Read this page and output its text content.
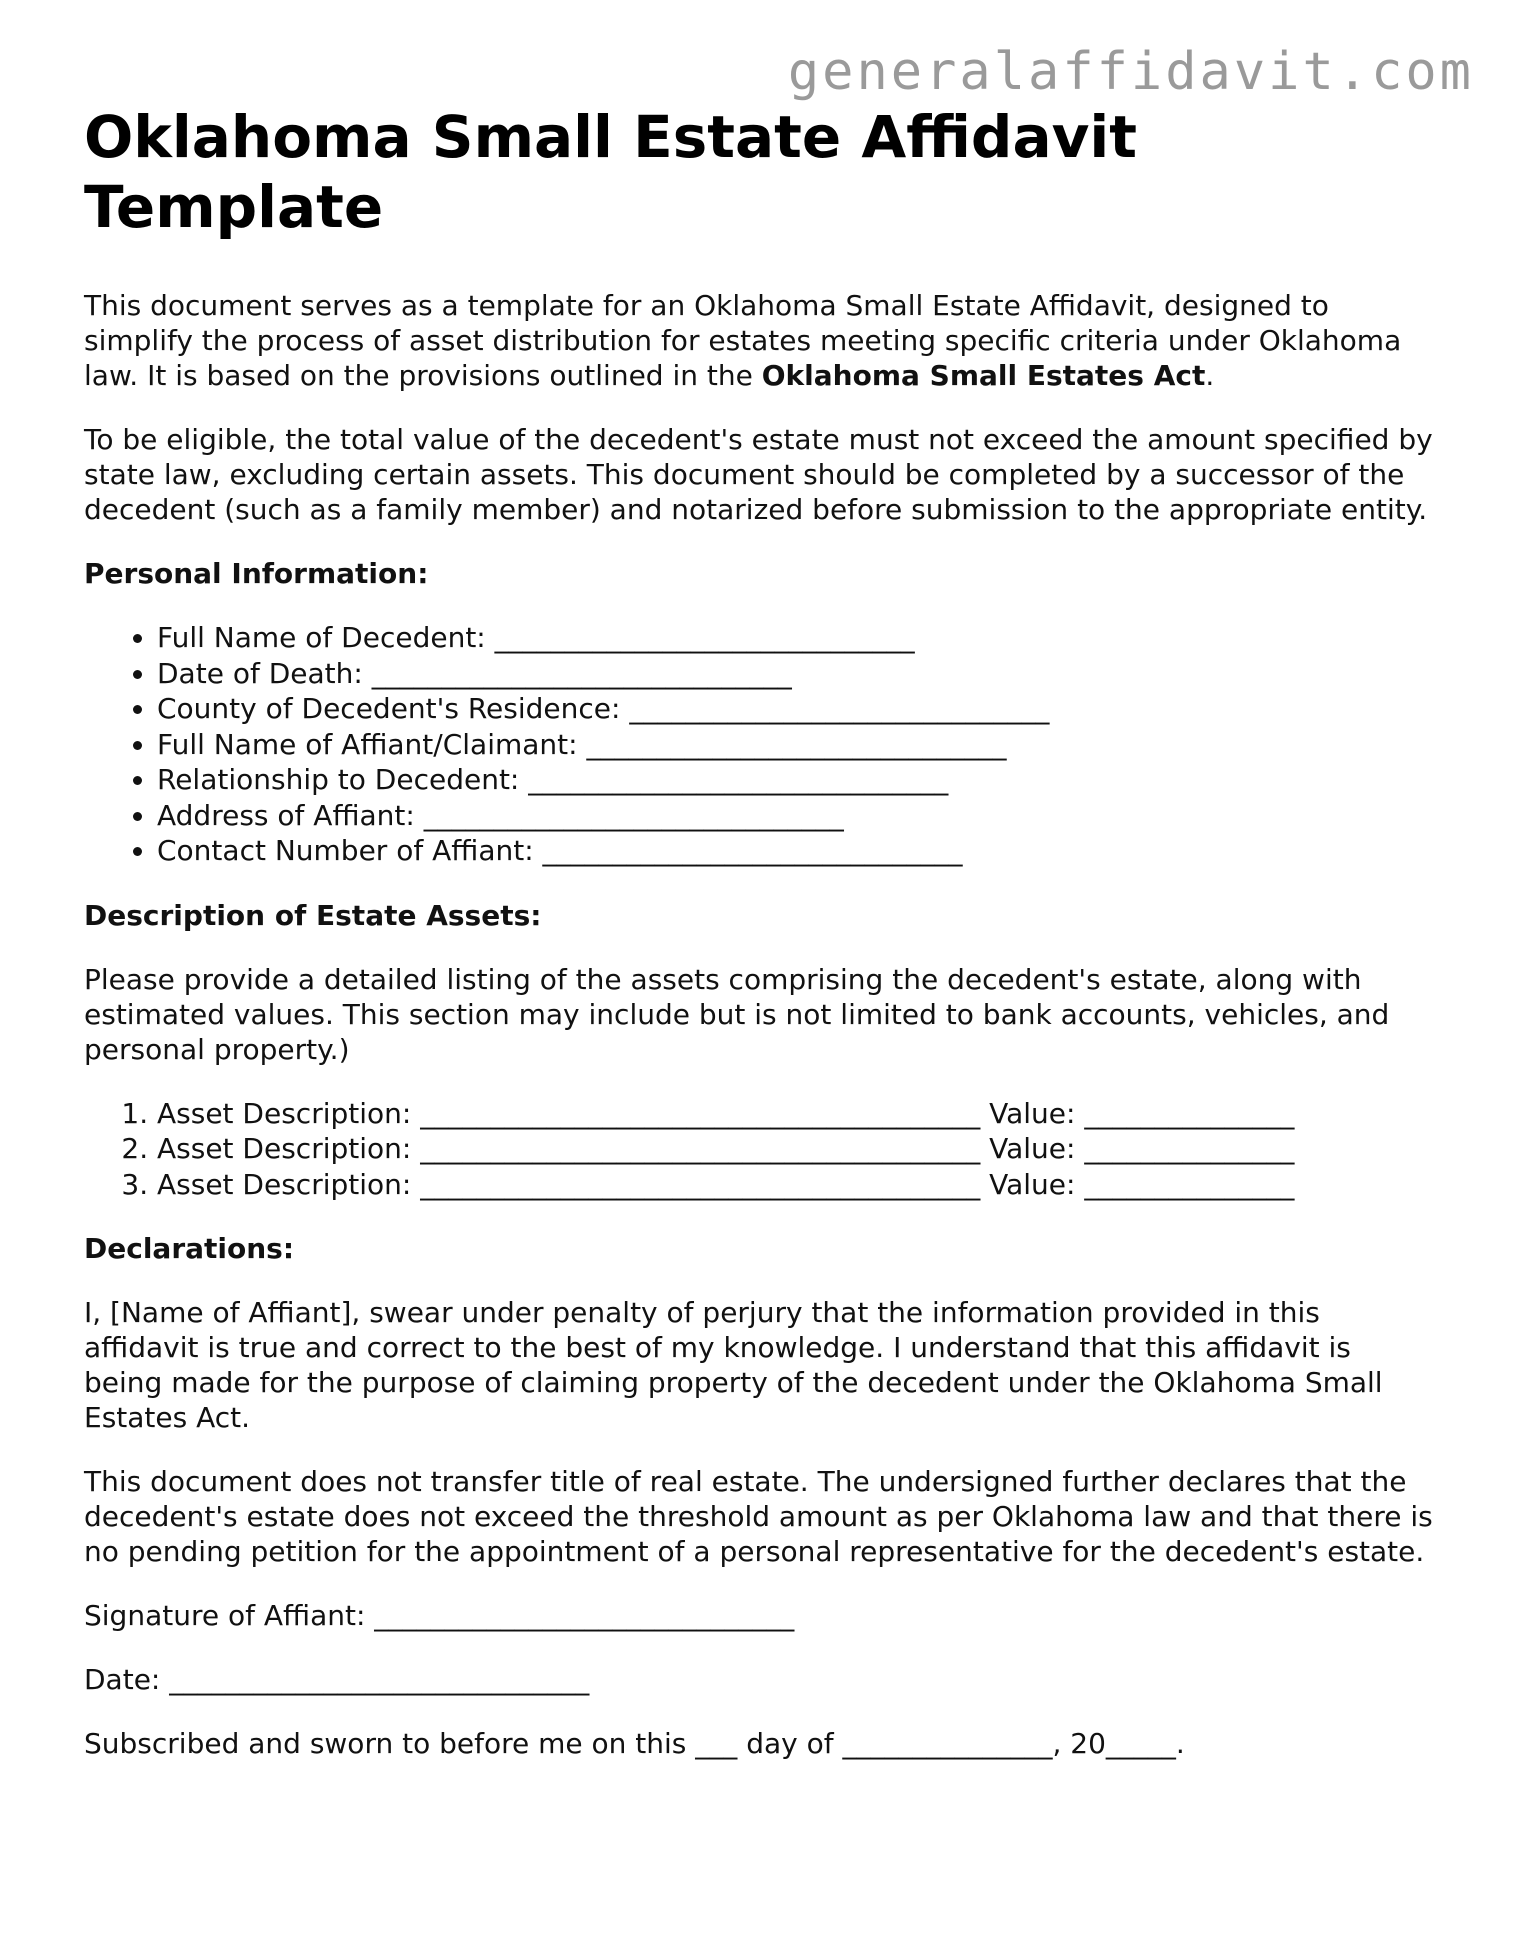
generalaffidavit.com
Oklahoma Small Estate Affidavit Template

This document serves as a template for an Oklahoma Small Estate Affidavit, designed to simplify the process of asset distribution for estates meeting specific criteria under Oklahoma law. It is based on the provisions outlined in the Oklahoma Small Estates Act.

To be eligible, the total value of the decedent's estate must not exceed the amount specified by state law, excluding certain assets. This document should be completed by a successor of the decedent (such as a family member) and notarized before submission to the appropriate entity.

Personal Information:
• Full Name of Decedent: ______________________________
• Date of Death: ______________________________
• County of Decedent's Residence: ______________________________
• Full Name of Affiant/Claimant: ______________________________
• Relationship to Decedent: ______________________________
• Address of Affiant: ______________________________
• Contact Number of Affiant: ______________________________
Description of Estate Assets:

Please provide a detailed listing of the assets comprising the decedent's estate, along with estimated values. This section may include but is not limited to bank accounts, vehicles, and personal property.)

1. Asset Description: ________________________________________ Value: _______________
2. Asset Description: ________________________________________ Value: _______________
3. Asset Description: ________________________________________ Value: _______________
Declarations:

I, [Name of Affiant], swear under penalty of perjury that the information provided in this affidavit is true and correct to the best of my knowledge. I understand that this affidavit is being made for the purpose of claiming property of the decedent under the Oklahoma Small Estates Act.

This document does not transfer title of real estate. The undersigned further declares that the decedent's estate does not exceed the threshold amount as per Oklahoma law and that there is no pending petition for the appointment of a personal representative for the decedent's estate.

Signature of Affiant: ______________________________

Date: ______________________________

Subscribed and sworn to before me on this ___ day of _______________, 20_____.
